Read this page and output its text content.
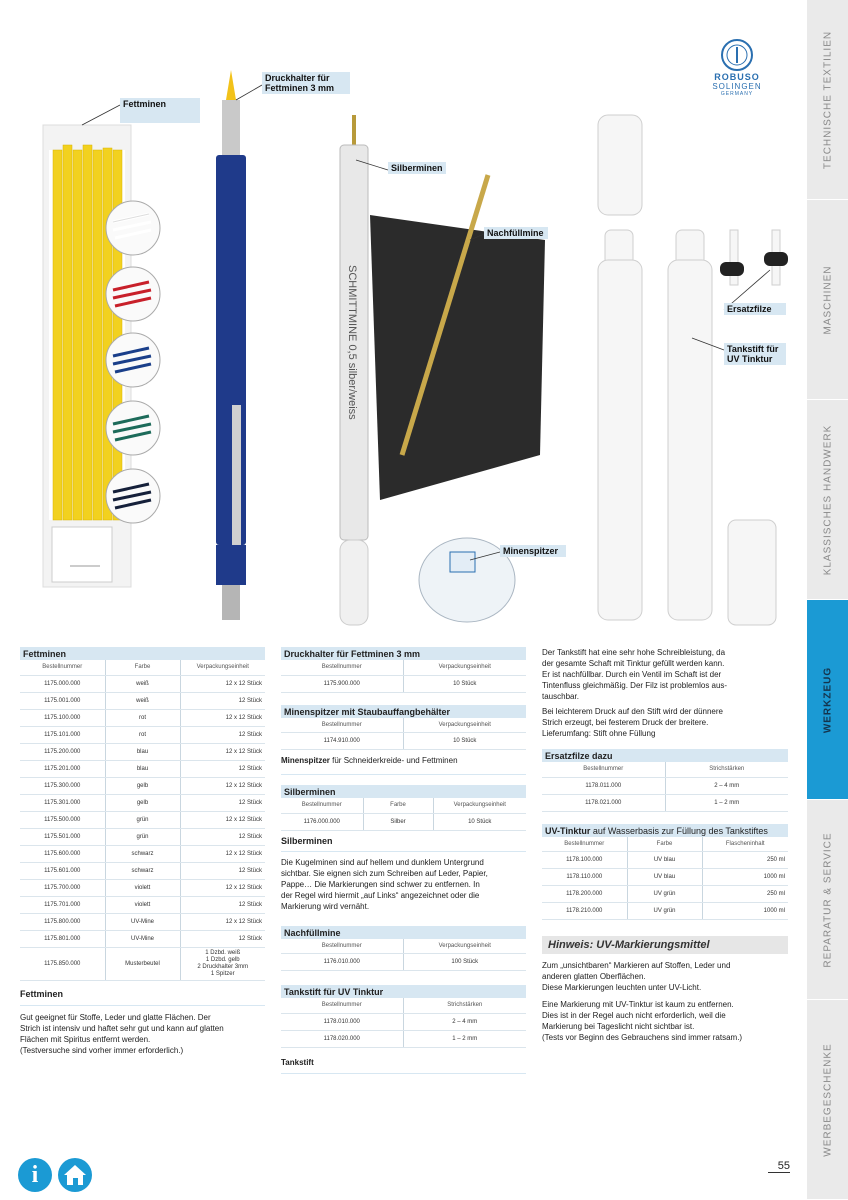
TECHNISCHE TEXTILIEN
MASCHINEN
KLASSISCHES HANDWERK
WERKZEUG
REPARATUR & SERVICE
WERBEGESCHENKE
ROBUSO
SOLINGEN
GERMANY
SCHMITTMINE 0,5 silber/weiss
Fettminen
Druckhalter für Fettminen 3 mm
Silberminen
Nachfüllmine
Ersatzfilze
Tankstift für UV Tinktur
Minenspitzer
Fettminen
Bestellnummer	Farbe	Verpackungseinheit
1175.000.000	weiß	12 x 12 Stück
1175.001.000	weiß	12 Stück
1175.100.000	rot	12 x 12 Stück
1175.101.000	rot	12 Stück
1175.200.000	blau	12 x 12 Stück
1175.201.000	blau	12 Stück
1175.300.000	gelb	12 x 12 Stück
1175.301.000	gelb	12 Stück
1175.500.000	grün	12 x 12 Stück
1175.501.000	grün	12 Stück
1175.600.000	schwarz	12 x 12 Stück
1175.601.000	schwarz	12 Stück
1175.700.000	violett	12 x 12 Stück
1175.701.000	violett	12 Stück
1175.800.000	UV-Mine	12 x 12 Stück
1175.801.000	UV-Mine	12 Stück
1175.850.000	Musterbeutel	1 Dzbd. weiß
1 Dzbd. gelb
2 Druckhalter 3mm
1 Spitzer
Fettminen
Gut geeignet für Stoffe, Leder und glatte Flächen. Der
Strich ist intensiv und haftet sehr gut und kann auf glatten
Flächen mit Spiritus entfernt werden.
(Testversuche sind vorher immer erforderlich.)
Druckhalter für Fettminen 3 mm
Bestellnummer	Verpackungseinheit
1175.900.000	10 Stück
Minenspitzer mit Staubauffangbehälter
Bestellnummer	Verpackungseinheit
1174.910.000	10 Stück
Minenspitzer für Schneiderkreide- und Fettminen
Silberminen
Bestellnummer	Farbe	Verpackungseinheit
1176.000.000	Silber	10 Stück
Silberminen
Die Kugelminen sind auf hellem und dunklem Untergrund
sichtbar. Sie eignen sich zum Schreiben auf Leder, Papier,
Pappe… Die Markierungen sind schwer zu entfernen. In
der Regel wird hiermit „auf Links“ angezeichnet oder die
Markierung wird vernäht.
Nachfüllmine
Bestellnummer	Verpackungseinheit
1176.010.000	100 Stück
Tankstift für UV Tinktur
Bestellnummer	Strichstärken
1178.010.000	2 – 4 mm
1178.020.000	1 – 2 mm
Tankstift
Der Tankstift hat eine sehr hohe Schreibleistung, da
der gesamte Schaft mit Tinktur gefüllt werden kann.
Er ist nachfüllbar. Durch ein Ventil im Schaft ist der
Tintenfluss gleichmäßig. Der Filz ist problemlos aus-
tauschbar.
Bei leichterem Druck auf den Stift wird der dünnere
Strich erzeugt, bei festerem Druck der breitere.
Lieferumfang: Stift ohne Füllung
Ersatzfilze dazu
Bestellnummer	Strichstärken
1178.011.000	2 – 4 mm
1178.021.000	1 – 2 mm
UV-Tinktur auf Wasserbasis zur Füllung des Tankstiftes
Bestellnummer	Farbe	Flascheninhalt
1178.100.000	UV blau	250 ml
1178.110.000	UV blau	1000 ml
1178.200.000	UV grün	250 ml
1178.210.000	UV grün	1000 ml
Hinweis: UV-Markierungsmittel
Zum „unsichtbaren“ Markieren auf Stoffen, Leder und
anderen glatten Oberflächen.
Diese Markierungen leuchten unter UV-Licht.
Eine Markierung mit UV-Tinktur ist kaum zu entfernen.
Dies ist in der Regel auch nicht erforderlich, weil die
Markierung bei Tageslicht nicht sichtbar ist.
(Tests vor Beginn des Gebrauchens sind immer ratsam.)
i	55
